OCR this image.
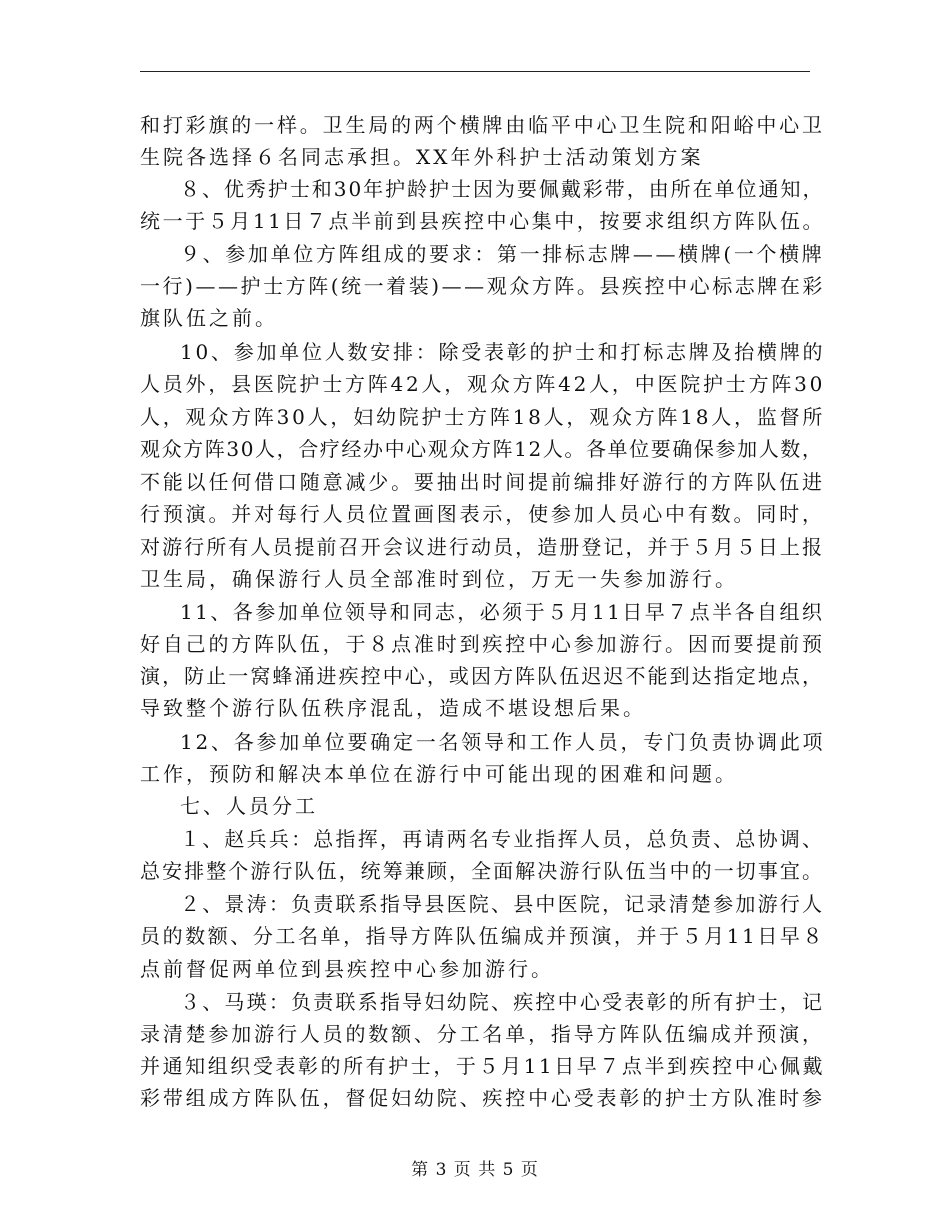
和打彩旗的一样。卫生局的两个横牌由临平中心卫生院和阳峪中心卫
生院各选择６名同志承担。XX年外科护士活动策划方案
８、优秀护士和30年护龄护士因为要佩戴彩带，由所在单位通知，
统一于５月11日７点半前到县疾控中心集中，按要求组织方阵队伍。
９、参加单位方阵组成的要求：第一排标志牌——横牌(一个横牌
一行)——护士方阵(统一着装)——观众方阵。县疾控中心标志牌在彩
旗队伍之前。
10、参加单位人数安排：除受表彰的护士和打标志牌及抬横牌的
人员外，县医院护士方阵42人，观众方阵42人，中医院护士方阵30
人，观众方阵30人，妇幼院护士方阵18人，观众方阵18人，监督所
观众方阵30人，合疗经办中心观众方阵12人。各单位要确保参加人数，
不能以任何借口随意减少。要抽出时间提前编排好游行的方阵队伍进
行预演。并对每行人员位置画图表示，使参加人员心中有数。同时，
对游行所有人员提前召开会议进行动员，造册登记，并于５月５日上报
卫生局，确保游行人员全部准时到位，万无一失参加游行。
11、各参加单位领导和同志，必须于５月11日早７点半各自组织
好自己的方阵队伍，于８点准时到疾控中心参加游行。因而要提前预
演，防止一窝蜂涌进疾控中心，或因方阵队伍迟迟不能到达指定地点，
导致整个游行队伍秩序混乱，造成不堪设想后果。
12、各参加单位要确定一名领导和工作人员，专门负责协调此项
工作，预防和解决本单位在游行中可能出现的困难和问题。
七、人员分工
１、赵兵兵：总指挥，再请两名专业指挥人员，总负责、总协调、
总安排整个游行队伍，统筹兼顾，全面解决游行队伍当中的一切事宜。
２、景涛：负责联系指导县医院、县中医院，记录清楚参加游行人
员的数额、分工名单，指导方阵队伍编成并预演，并于５月11日早８
点前督促两单位到县疾控中心参加游行。
３、马瑛：负责联系指导妇幼院、疾控中心受表彰的所有护士，记
录清楚参加游行人员的数额、分工名单，指导方阵队伍编成并预演，
并通知组织受表彰的所有护士，于５月11日早７点半到疾控中心佩戴
彩带组成方阵队伍，督促妇幼院、疾控中心受表彰的护士方队准时参
第 3 页 共 5 页
